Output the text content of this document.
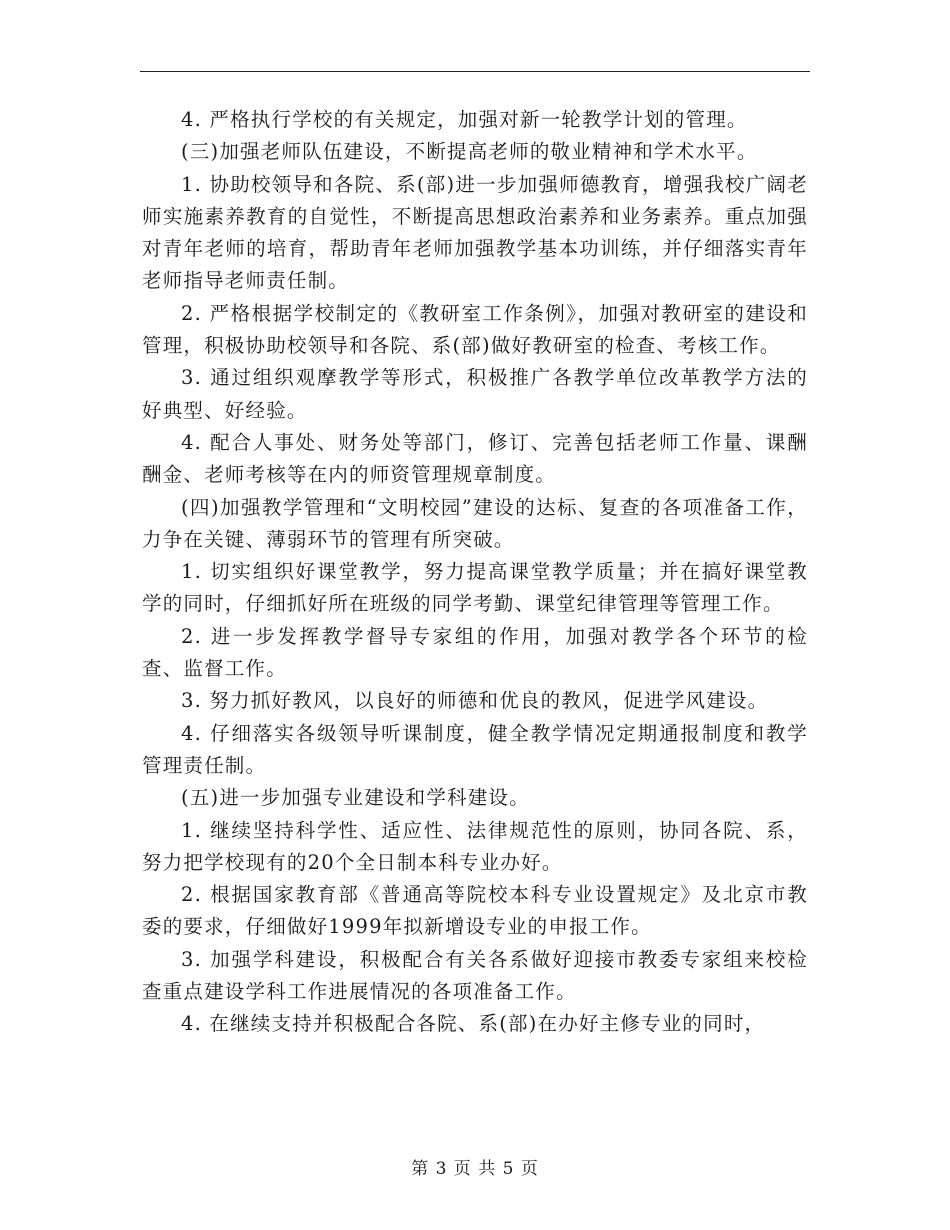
4. 严格执行学校的有关规定，加强对新一轮教学计划的管理。

(三)加强老师队伍建设，不断提高老师的敬业精神和学术水平。

1. 协助校领导和各院、系(部)进一步加强师德教育，增强我校广阔老师实施素养教育的自觉性，不断提高思想政治素养和业务素养。重点加强对青年老师的培育，帮助青年老师加强教学基本功训练，并仔细落实青年老师指导老师责任制。

2. 严格根据学校制定的《教研室工作条例》，加强对教研室的建设和管理，积极协助校领导和各院、系(部)做好教研室的检查、考核工作。

3. 通过组织观摩教学等形式，积极推广各教学单位改革教学方法的好典型、好经验。

4. 配合人事处、财务处等部门，修订、完善包括老师工作量、课酬酬金、老师考核等在内的师资管理规章制度。

(四)加强教学管理和“文明校园”建设的达标、复查的各项准备工作，力争在关键、薄弱环节的管理有所突破。

1. 切实组织好课堂教学，努力提高课堂教学质量；并在搞好课堂教学的同时，仔细抓好所在班级的同学考勤、课堂纪律管理等管理工作。

2. 进一步发挥教学督导专家组的作用，加强对教学各个环节的检查、监督工作。

3. 努力抓好教风，以良好的师德和优良的教风，促进学风建设。

4. 仔细落实各级领导听课制度，健全教学情况定期通报制度和教学管理责任制。

(五)进一步加强专业建设和学科建设。

1. 继续坚持科学性、适应性、法律规范性的原则，协同各院、系，努力把学校现有的20个全日制本科专业办好。

2. 根据国家教育部《普通高等院校本科专业设置规定》及北京市教委的要求，仔细做好1999年拟新增设专业的申报工作。

3. 加强学科建设，积极配合有关各系做好迎接市教委专家组来校检查重点建设学科工作进展情况的各项准备工作。

4. 在继续支持并积极配合各院、系(部)在办好主修专业的同时，

第 3 页 共 5 页
